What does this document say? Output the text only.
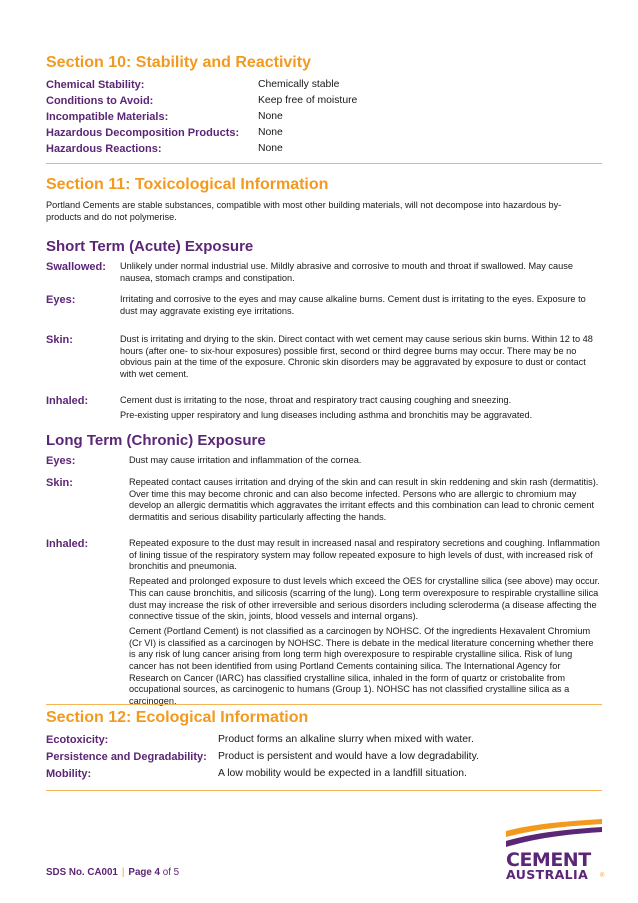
Section 10: Stability and Reactivity
Chemical Stability:	Chemically stable
Conditions to Avoid:	Keep free of moisture
Incompatible Materials:	None
Hazardous Decomposition Products: None
Hazardous Reactions:	None
Section 11: Toxicological Information

Portland Cements are stable substances, compatible with most other building materials, will not decompose into hazardous by-products and do not polymerise.

Short Term (Acute) Exposure
Swallowed: Unlikely under normal industrial use. Mildly abrasive and corrosive to mouth and throat if swallowed. May cause nausea, stomach cramps and constipation.

Eyes:	Irritating and corrosive to the eyes and may cause alkaline burns. Cement dust is irritating to the eyes. Exposure to dust may aggravate existing eye irritations.

Skin:	Dust is irritating and drying to the skin. Direct contact with wet cement may cause serious skin burns. Within 12 to 48 hours (after one- to six-hour exposures) possible first, second or third degree burns may occur. There may be no obvious pain at the time of the exposure. Chronic skin disorders may be aggravated by exposure to dust or contact with wet cement.

Inhaled:	Cement dust is irritating to the nose, throat and respiratory tract causing coughing and sneezing.

Pre-existing upper respiratory and lung diseases including asthma and bronchitis may be aggravated.

Long Term (Chronic) Exposure
Eyes:	Dust may cause irritation and inflammation of the cornea.

Skin:	Repeated contact causes irritation and drying of the skin and can result in skin reddening and skin rash (dermatitis). Over time this may become chronic and can also become infected. Persons who are allergic to chromium may develop an allergic dermatitis which aggravates the irritant effects and this combination can lead to chronic cement dermatitis and serious disability particularly affecting the hands.

Inhaled:	Repeated exposure to the dust may result in increased nasal and respiratory secretions and coughing. Inflammation of lining tissue of the respiratory system may follow repeated exposure to high levels of dust, with increased risk of bronchitis and pneumonia.

Repeated and prolonged exposure to dust levels which exceed the OES for crystalline silica (see above) may occur. This can cause bronchitis, and silicosis (scarring of the lung). Long term overexposure to respirable crystalline silica dust may increase the risk of other irreversible and serious disorders including scleroderma (a disease affecting the connective tissue of the skin, joints, blood vessels and internal organs).

Cement (Portland Cement) is not classified as a carcinogen by NOHSC. Of the ingredients Hexavalent Chromium (Cr VI) is classified as a carcinogen by NOHSC. There is debate in the medical literature concerning whether there is any risk of lung cancer arising from long term high overexposure to respirable crystalline silica. Risk of lung cancer has not been identified from using Portland Cements containing silica. The International Agency for Research on Cancer (IARC) has classified crystalline silica, inhaled in the form of quartz or cristobalite from occupational sources, as carcinogenic to humans (Group 1). NOHSC has not classified crystalline silica as a carcinogen.

Section 12: Ecological Information
Ecotoxicity:	Product forms an alkaline slurry when mixed with water.
Persistence and Degradability: Product is persistent and would have a low degradability.
Mobility:	A low mobility would be expected in a landfill situation.
SDS No. CA001 | Page 4 of 5
CEMENT
AUSTRALIA ®
